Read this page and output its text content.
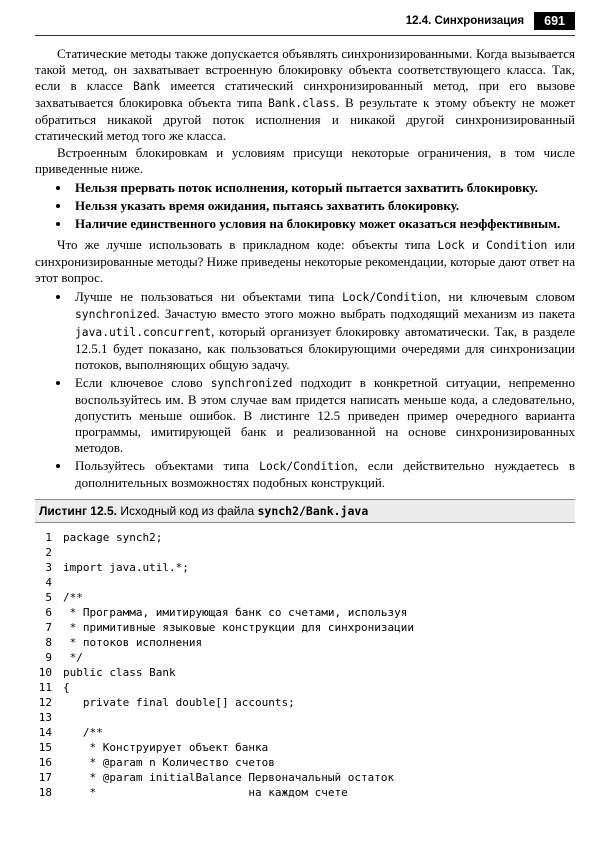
12.4. Синхронизация	691

Статические методы также допускается объявлять синхронизированными. Когда вызывается такой метод, он захватывает встроенную блокировку объекта соответствующего класса. Так, если в классе Bank имеется статический синхронизированный метод, при его вызове захватывается блокировка объекта типа Bank.class. В результате к этому объекту не может обратиться никакой другой поток исполнения и никакой другой синхронизированный статический метод того же класса.

Встроенным блокировкам и условиям присущи некоторые ограничения, в том числе приведенные ниже.

• Нельзя прервать поток исполнения, который пытается захватить блокировку.
• Нельзя указать время ожидания, пытаясь захватить блокировку.
• Наличие единственного условия на блокировку может оказаться неэффективным.

Что же лучше использовать в прикладном коде: объекты типа Lock и Condition или синхронизированные методы? Ниже приведены некоторые рекомендации, которые дают ответ на этот вопрос.

• Лучше не пользоваться ни объектами типа Lock/Condition, ни ключевым словом synchronized. Зачастую вместо этого можно выбрать подходящий механизм из пакета java.util.concurrent, который организует блокировку автоматически. Так, в разделе 12.5.1 будет показано, как пользоваться блокирующими очередями для синхронизации потоков, выполняющих общую задачу.
• Если ключевое слово synchronized подходит в конкретной ситуации, непременно воспользуйтесь им. В этом случае вам придется написать меньше кода, а следовательно, допустить меньше ошибок. В листинге 12.5 приведен пример очередного варианта программы, имитирующей банк и реализованной на основе синхронизированных методов.
• Пользуйтесь объектами типа Lock/Condition, если действительно нуждаетесь в дополнительных возможностях подобных конструкций.
Листинг 12.5. Исходный код из файла synch2/Bank.java
1 package synch2;
2
3 import java.util.*;
4
5 /**
6 * Программа, имитирующая банк со счетами, используя
7 * примитивные языковые конструкции для синхронизации
8 * потоков исполнения
9 */
10 public class Bank
11 {
12   private final double[] accounts;
13
14   /**
15    * Конструирует объект банка
16    * @param n Количество счетов
17    * @param initialBalance Первоначальный остаток
18    *                       на каждом счете
